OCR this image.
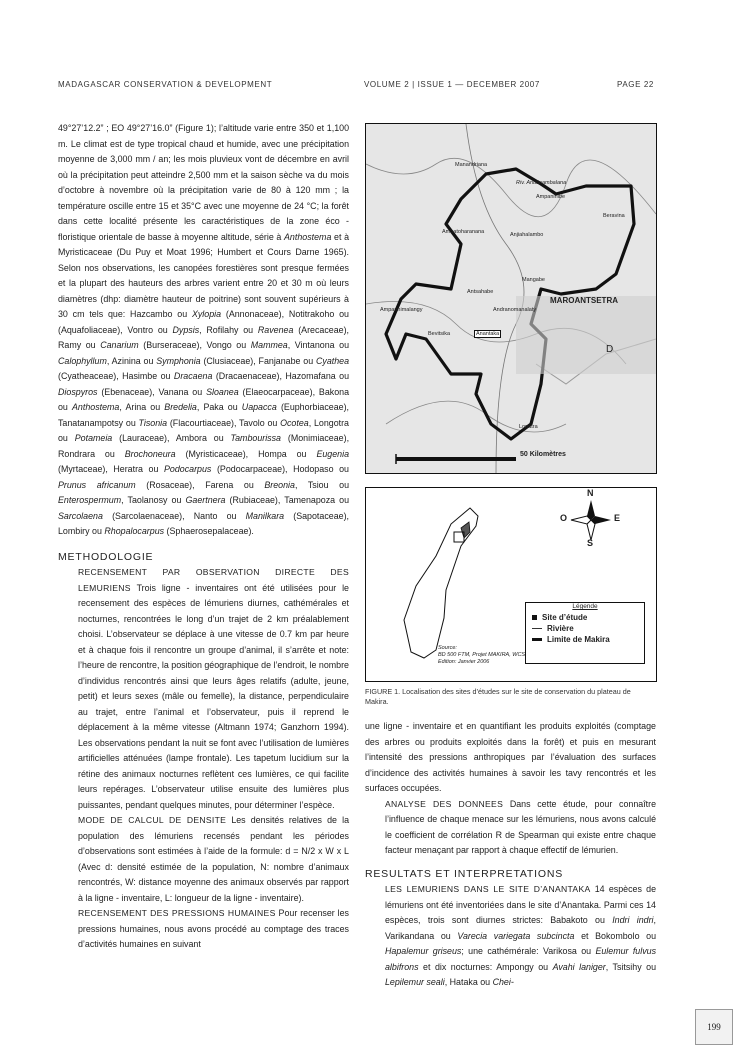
MADAGASCAR CONSERVATION & DEVELOPMENT	VOLUME 2 | ISSUE 1 — DECEMBER 2007	PAGE 22

49°27’12.2” ; EO 49°27’16.0” (Figure 1); l’altitude varie entre 350 et 1,100 m. Le climat est de type tropical chaud et humide, avec une précipitation moyenne de 3,000 mm / an; les mois pluvieux vont de décembre en avril où la précipitation peut atteindre 2,500 mm et la saison sèche va du mois d’octobre à novembre où la précipitation varie de 80 à 120 mm ; la température oscille entre 15 et 35°C avec une moyenne de 24 °C; la forêt dans cette localité présente les caractéristiques de la zone éco - floristique orientale de basse à moyenne altitude, série à Anthostema et à Myristicaceae (Du Puy et Moat 1996; Humbert et Cours Darne 1965). Selon nos observations, les canopées forestières sont presque fermées et la plupart des hauteurs des arbres varient entre 20 et 30 m où leurs diamètres (dhp: diamètre hauteur de poitrine) sont souvent supérieurs à 30 cm tels que: Hazcambo ou Xylopia (Annonaceae), Notitrakoho ou (Aquafoliaceae), Vontro ou Dypsis, Rofilahy ou Ravenea (Arecaceae), Ramy ou Canarium (Burseraceae), Vongo ou Mammea, Vintanona ou Calophyllum, Azinina ou Symphonia (Clusiaceae), Fanjanabe ou Cyathea (Cyatheaceae), Hasimbe ou Dracaena (Dracaenaceae), Hazomafana ou Diospyros (Ebenaceae), Vanana ou Sloanea (Elaeocarpaceae), Bakona ou Anthostema, Arina ou Bredelia, Paka ou Uapacca (Euphorbiaceae), Tanatanampotsy ou Tisonia (Flacourtiaceae), Tavolo ou Ocotea, Longotra ou Potameia (Lauraceae), Ambora ou Tambourissa (Monimiaceae), Rondrara ou Brochoneura (Myristicaceae), Hompa ou Eugenia (Myrtaceae), Heratra ou Podocarpus (Podocarpaceae), Hodopaso ou Prunus africanum (Rosaceae), Farena ou Breonia, Tsiou ou Enterospermum, Taolanosy ou Gaertnera (Rubiaceae), Tamenapoza ou Sarcolaena (Sarcolaenaceae), Nanto ou Manilkara (Sapotaceae), Lombiry ou Rhopalocarpus (Sphaerosepalaceae).

METHODOLOGIE

RECENSEMENT PAR OBSERVATION DIRECTE DES LEMURIENS Trois ligne - inventaires ont été utilisées pour le recensement des espèces de lémuriens diurnes, cathémérales et nocturnes, rencontrées le long d’un trajet de 2 km préalablement choisi. L’observateur se déplace à une vitesse de 0.7 km par heure et à chaque fois il rencontre un groupe d’animal, il s’arrête et note: l’heure de rencontre, la position géographique de l’endroit, le nombre d’individus rencontrés ainsi que leurs âges relatifs (adulte, jeune, petit) et leurs sexes (mâle ou femelle), la distance, perpendiculaire au trajet, entre l’animal et l’observateur, puis il reprend le déplacement à la même vitesse (Altmann 1974; Ganzhorn 1994). Les observations pendant la nuit se font avec l’utilisation de lumières artificielles atténuées (lampe frontale). Les tapetum lucidium sur la rétine des animaux nocturnes reflètent ces lumières, ce qui facilite leurs repérages. L’observateur utilise ensuite des lumières plus puissantes, pendant quelques minutes, pour déterminer l’espèce.

MODE DE CALCUL DE DENSITE Les densités relatives de la population des lémuriens recensés pendant les périodes d’observations sont estimées à l’aide de la formule: d = N/2 x W x L (Avec d: densité estimée de la population, N: nombre d’animaux rencontrés, W: distance moyenne des animaux observés par rapport à la ligne - inventaire, L: longueur de la ligne - inventaire).

RECENSEMENT DES PRESSIONS HUMAINES Pour recenser les pressions humaines, nous avons procédé au comptage des traces d’activités humaines en suivant

Manandriana
Riv. Antainambalana
Ampanihibe
Ambatoharanana	Anjiahalambo
Beravina
Mangabe
Antsahabe
Amparihimalangy	Andranomanalaty
MAROANTSETRA
Anantaka
Bevitsika
Lonatra
D
50 Kilomètres
N
S
E
O
Source:
BD 500 FTM, Projet MAKIRA, WCS
Edition: Janvier 2006
Légende
Site d’étude
Rivière
Limite de Makira
FIGURE 1. Localisation des sites d’études sur le site de conservation du plateau de Makira.

une ligne - inventaire et en quantifiant les produits exploités (comptage des arbres ou produits exploités dans la forêt) et puis en mesurant l’intensité des pressions anthropiques par l’évaluation des surfaces d’incidence des activités humaines à savoir les tavy rencontrés et les surfaces occupées.

ANALYSE DES DONNEES Dans cette étude, pour connaître l’influence de chaque menace sur les lémuriens, nous avons calculé le coefficient de corrélation R de Spearman qui existe entre chaque facteur menaçant par rapport à chaque effectif de lémurien.

RESULTATS ET INTERPRETATIONS

LES LEMURIENS DANS LE SITE D’ANANTAKA 14 espèces de lémuriens ont été inventoriées dans le site d’Anantaka. Parmi ces 14 espèces, trois sont diurnes strictes: Babakoto ou Indri indri, Varikandana ou Varecia variegata subcincta et Bokombolo ou Hapalemur griseus; une cathémérale: Varikosa ou Eulemur fulvus albifrons et dix nocturnes: Ampongy ou Avahi laniger, Tsitsihy ou Lepilemur seali, Hataka ou Chei-

199
